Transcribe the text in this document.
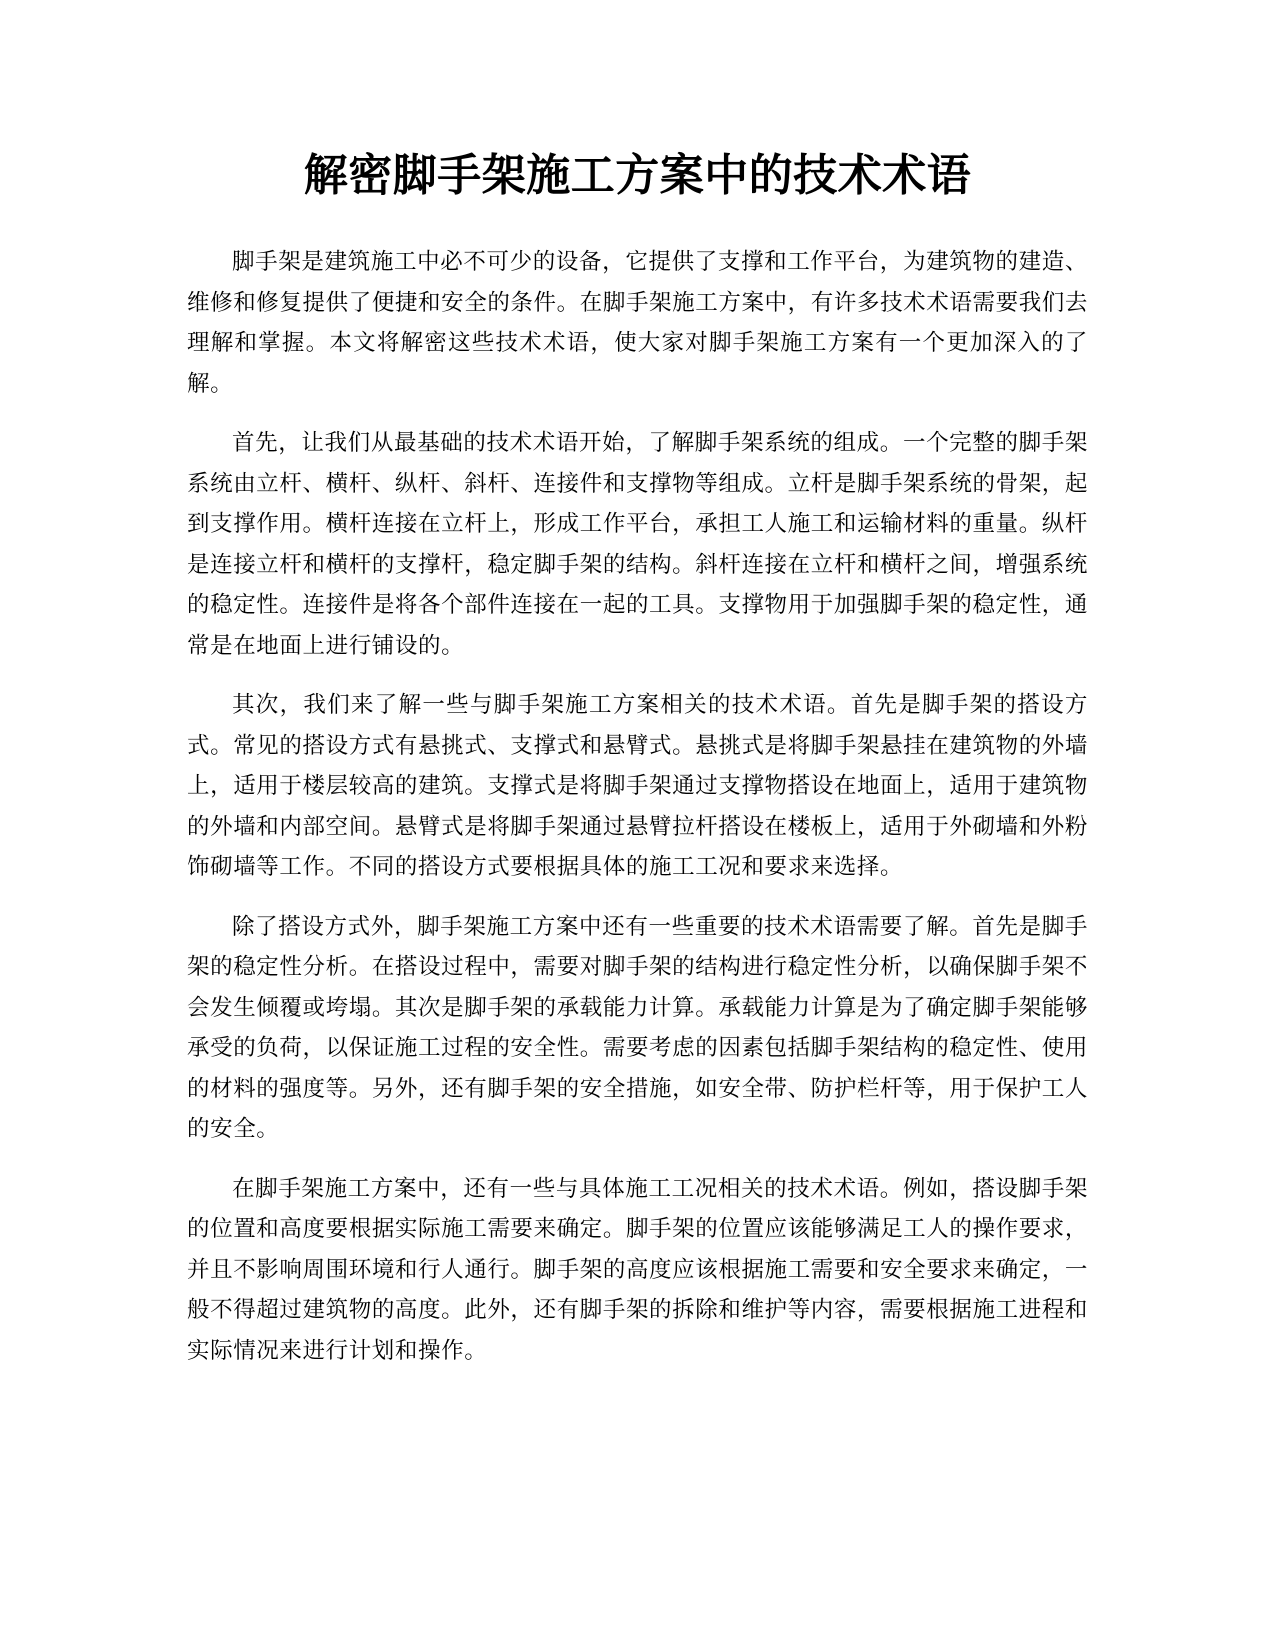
解密脚手架施工方案中的技术术语

脚手架是建筑施工中必不可少的设备，它提供了支撑和工作平台，为建筑物的建造、维修和修复提供了便捷和安全的条件。在脚手架施工方案中，有许多技术术语需要我们去理解和掌握。本文将解密这些技术术语，使大家对脚手架施工方案有一个更加深入的了解。

首先，让我们从最基础的技术术语开始，了解脚手架系统的组成。一个完整的脚手架系统由立杆、横杆、纵杆、斜杆、连接件和支撑物等组成。立杆是脚手架系统的骨架，起到支撑作用。横杆连接在立杆上，形成工作平台，承担工人施工和运输材料的重量。纵杆是连接立杆和横杆的支撑杆，稳定脚手架的结构。斜杆连接在立杆和横杆之间，增强系统的稳定性。连接件是将各个部件连接在一起的工具。支撑物用于加强脚手架的稳定性，通常是在地面上进行铺设的。

其次，我们来了解一些与脚手架施工方案相关的技术术语。首先是脚手架的搭设方式。常见的搭设方式有悬挑式、支撑式和悬臂式。悬挑式是将脚手架悬挂在建筑物的外墙上，适用于楼层较高的建筑。支撑式是将脚手架通过支撑物搭设在地面上，适用于建筑物的外墙和内部空间。悬臂式是将脚手架通过悬臂拉杆搭设在楼板上，适用于外砌墙和外粉饰砌墙等工作。不同的搭设方式要根据具体的施工工况和要求来选择。

除了搭设方式外，脚手架施工方案中还有一些重要的技术术语需要了解。首先是脚手架的稳定性分析。在搭设过程中，需要对脚手架的结构进行稳定性分析，以确保脚手架不会发生倾覆或垮塌。其次是脚手架的承载能力计算。承载能力计算是为了确定脚手架能够承受的负荷，以保证施工过程的安全性。需要考虑的因素包括脚手架结构的稳定性、使用的材料的强度等。另外，还有脚手架的安全措施，如安全带、防护栏杆等，用于保护工人的安全。

在脚手架施工方案中，还有一些与具体施工工况相关的技术术语。例如，搭设脚手架的位置和高度要根据实际施工需要来确定。脚手架的位置应该能够满足工人的操作要求，并且不影响周围环境和行人通行。脚手架的高度应该根据施工需要和安全要求来确定，一般不得超过建筑物的高度。此外，还有脚手架的拆除和维护等内容，需要根据施工进程和实际情况来进行计划和操作。
